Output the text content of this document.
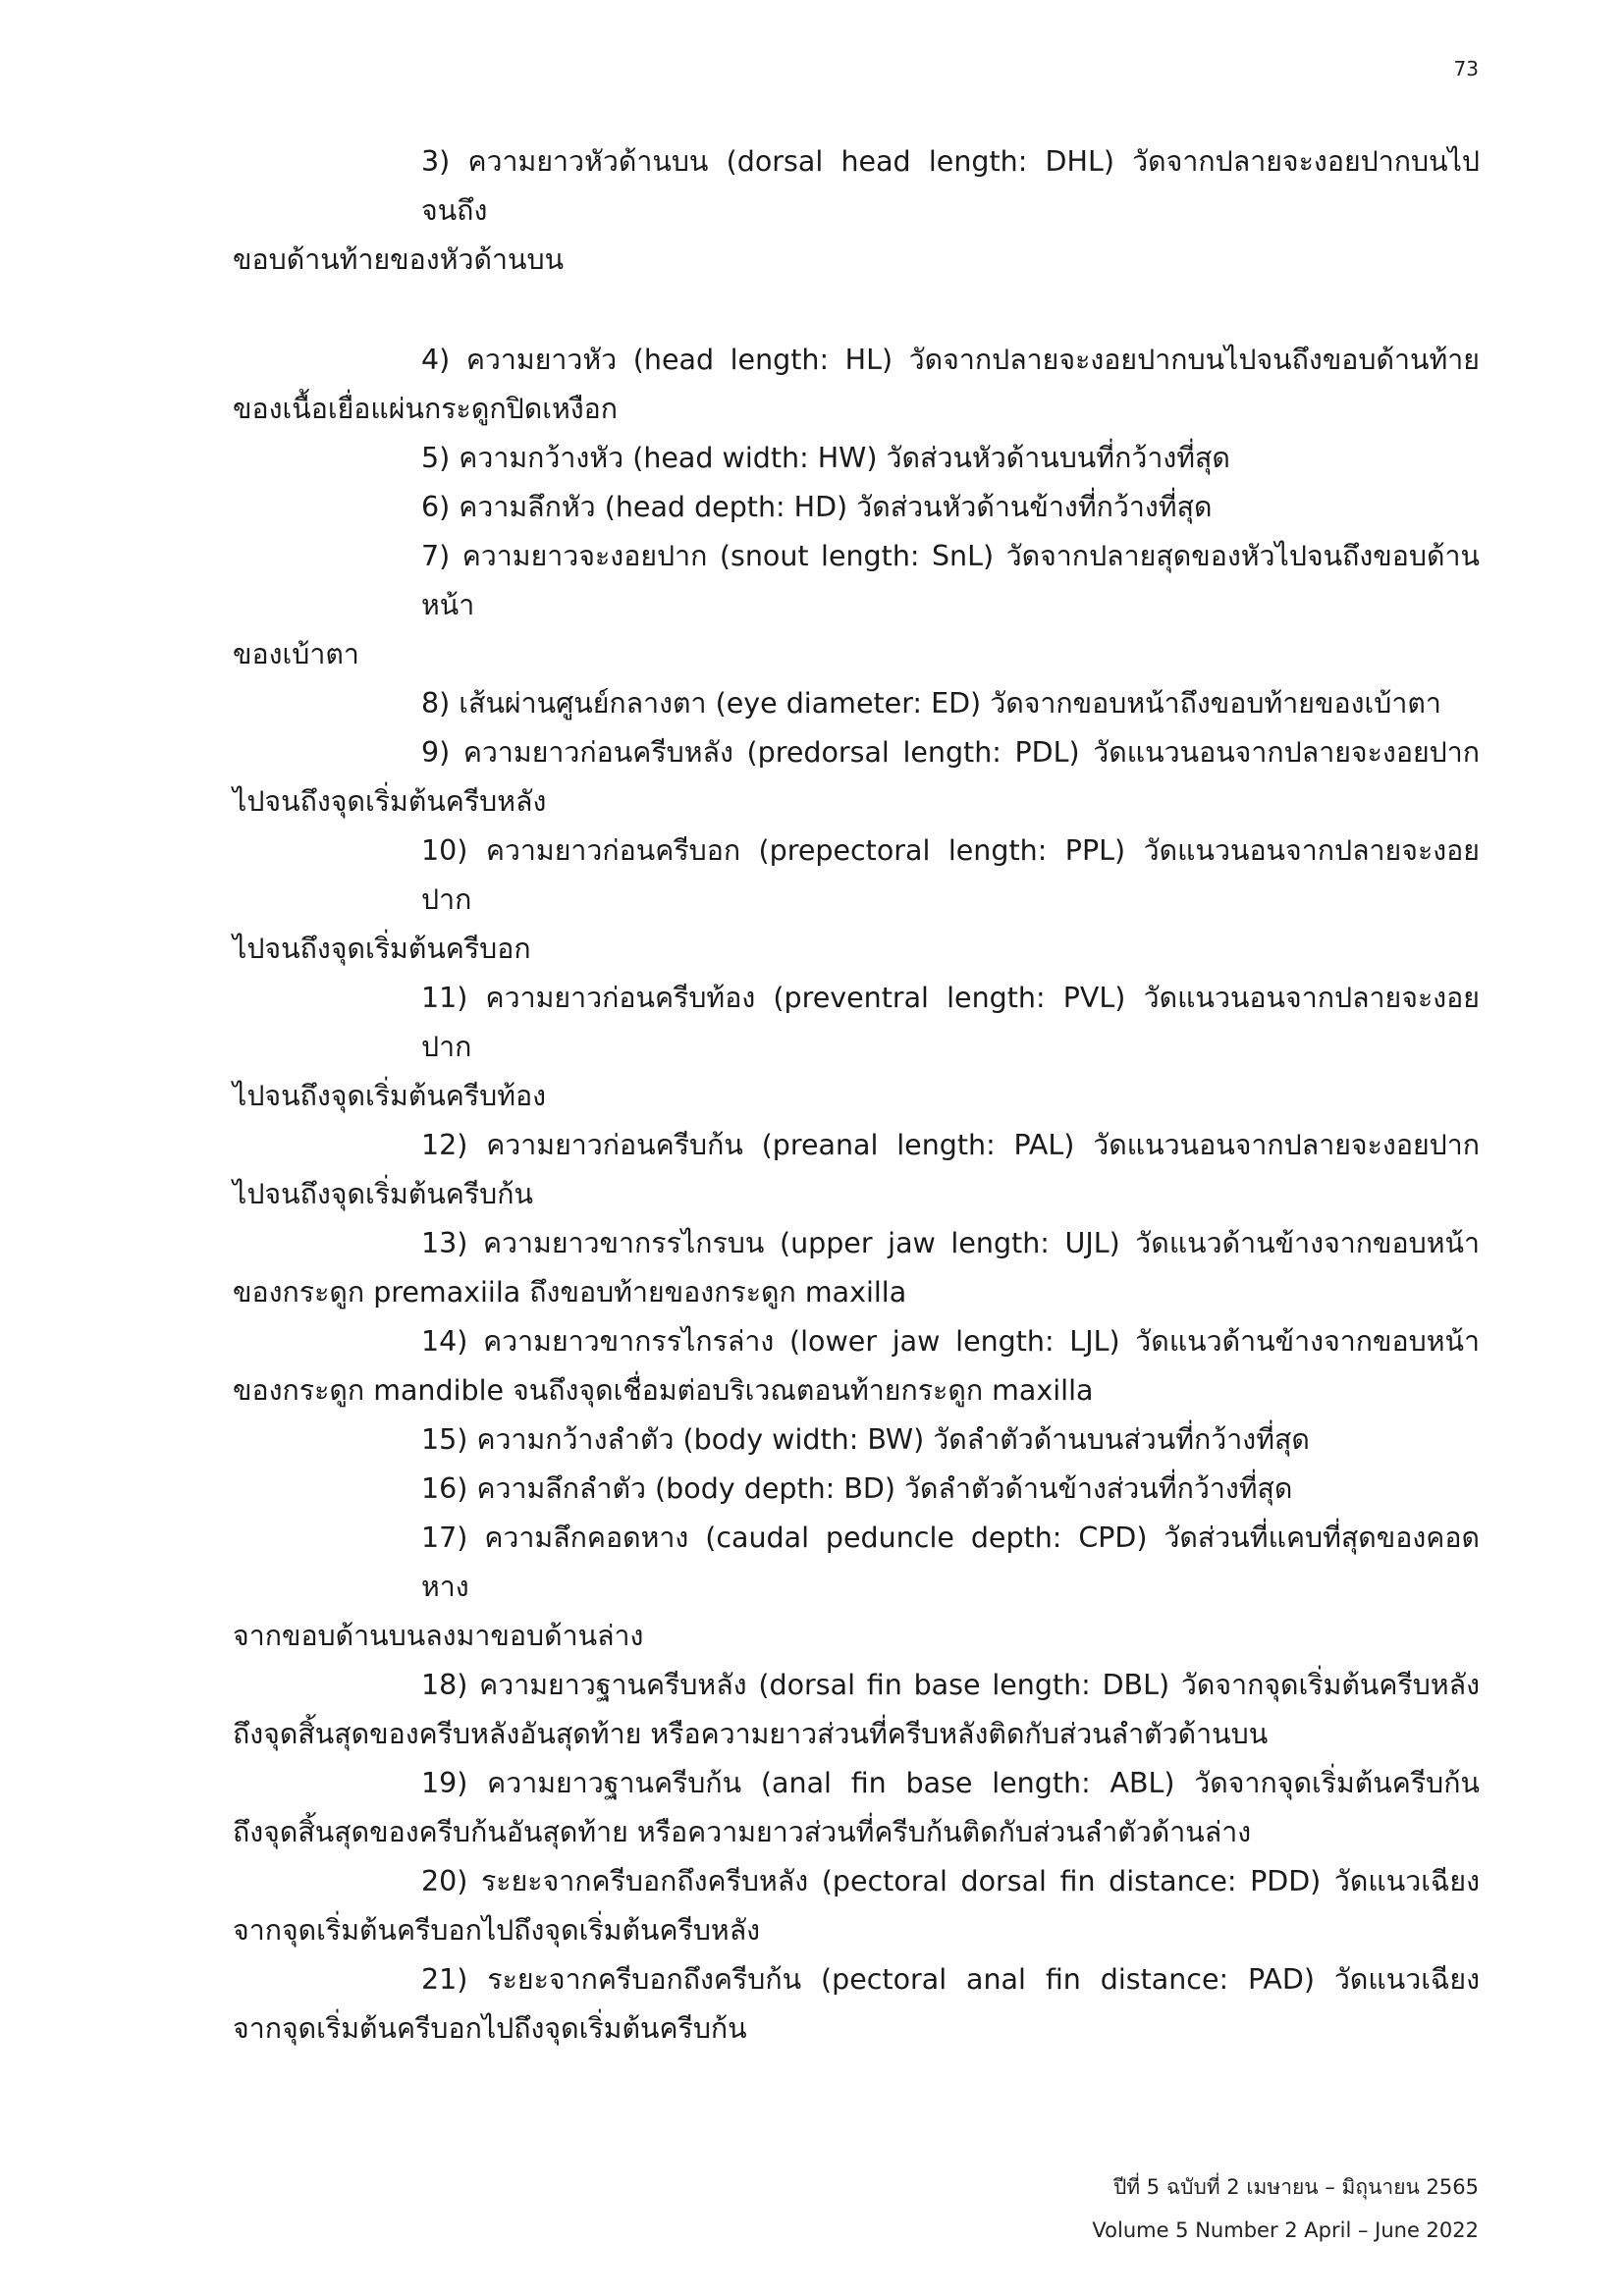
73

3) ความยาวหัวด้านบน (dorsal head length: DHL) วัดจากปลายจะงอยปากบนไปจนถึง
ขอบด้านท้ายของหัวด้านบน

4) ความยาวหัว (head length: HL) วัดจากปลายจะงอยปากบนไปจนถึงขอบด้านท้าย
ของเนื้อเยื่อแผ่นกระดูกปิดเหงือก

5) ความกว้างหัว (head width: HW) วัดส่วนหัวด้านบนที่กว้างที่สุด

6) ความลึกหัว (head depth: HD) วัดส่วนหัวด้านข้างที่กว้างที่สุด

7) ความยาวจะงอยปาก (snout length: SnL) วัดจากปลายสุดของหัวไปจนถึงขอบด้านหน้า
ของเบ้าตา

8) เส้นผ่านศูนย์กลางตา (eye diameter: ED) วัดจากขอบหน้าถึงขอบท้ายของเบ้าตา

9) ความยาวก่อนครีบหลัง (predorsal length: PDL) วัดแนวนอนจากปลายจะงอยปาก
ไปจนถึงจุดเริ่มต้นครีบหลัง

10) ความยาวก่อนครีบอก (prepectoral length: PPL) วัดแนวนอนจากปลายจะงอยปาก
ไปจนถึงจุดเริ่มต้นครีบอก

11) ความยาวก่อนครีบท้อง (preventral length: PVL) วัดแนวนอนจากปลายจะงอยปาก
ไปจนถึงจุดเริ่มต้นครีบท้อง

12) ความยาวก่อนครีบก้น (preanal length: PAL) วัดแนวนอนจากปลายจะงอยปาก
ไปจนถึงจุดเริ่มต้นครีบก้น

13) ความยาวขากรรไกรบน (upper jaw length: UJL) วัดแนวด้านข้างจากขอบหน้า
ของกระดูก premaxiila ถึงขอบท้ายของกระดูก maxilla

14) ความยาวขากรรไกรล่าง (lower jaw length: LJL) วัดแนวด้านข้างจากขอบหน้า
ของกระดูก mandible จนถึงจุดเชื่อมต่อบริเวณตอนท้ายกระดูก maxilla

15) ความกว้างลำตัว (body width: BW) วัดลำตัวด้านบนส่วนที่กว้างที่สุด

16) ความลึกลำตัว (body depth: BD) วัดลำตัวด้านข้างส่วนที่กว้างที่สุด

17) ความลึกคอดหาง (caudal peduncle depth: CPD) วัดส่วนที่แคบที่สุดของคอดหาง
จากขอบด้านบนลงมาขอบด้านล่าง

18) ความยาวฐานครีบหลัง (dorsal fin base length: DBL) วัดจากจุดเริ่มต้นครีบหลัง
ถึงจุดสิ้นสุดของครีบหลังอันสุดท้าย หรือความยาวส่วนที่ครีบหลังติดกับส่วนลำตัวด้านบน

19) ความยาวฐานครีบก้น (anal fin base length: ABL) วัดจากจุดเริ่มต้นครีบก้น
ถึงจุดสิ้นสุดของครีบก้นอันสุดท้าย หรือความยาวส่วนที่ครีบก้นติดกับส่วนลำตัวด้านล่าง

20) ระยะจากครีบอกถึงครีบหลัง (pectoral dorsal fin distance: PDD) วัดแนวเฉียง
จากจุดเริ่มต้นครีบอกไปถึงจุดเริ่มต้นครีบหลัง

21) ระยะจากครีบอกถึงครีบก้น (pectoral anal fin distance: PAD) วัดแนวเฉียง
จากจุดเริ่มต้นครีบอกไปถึงจุดเริ่มต้นครีบก้น

ปีที่ 5 ฉบับที่ 2 เมษายน – มิถุนายน 2565
Volume 5 Number 2 April – June 2022
